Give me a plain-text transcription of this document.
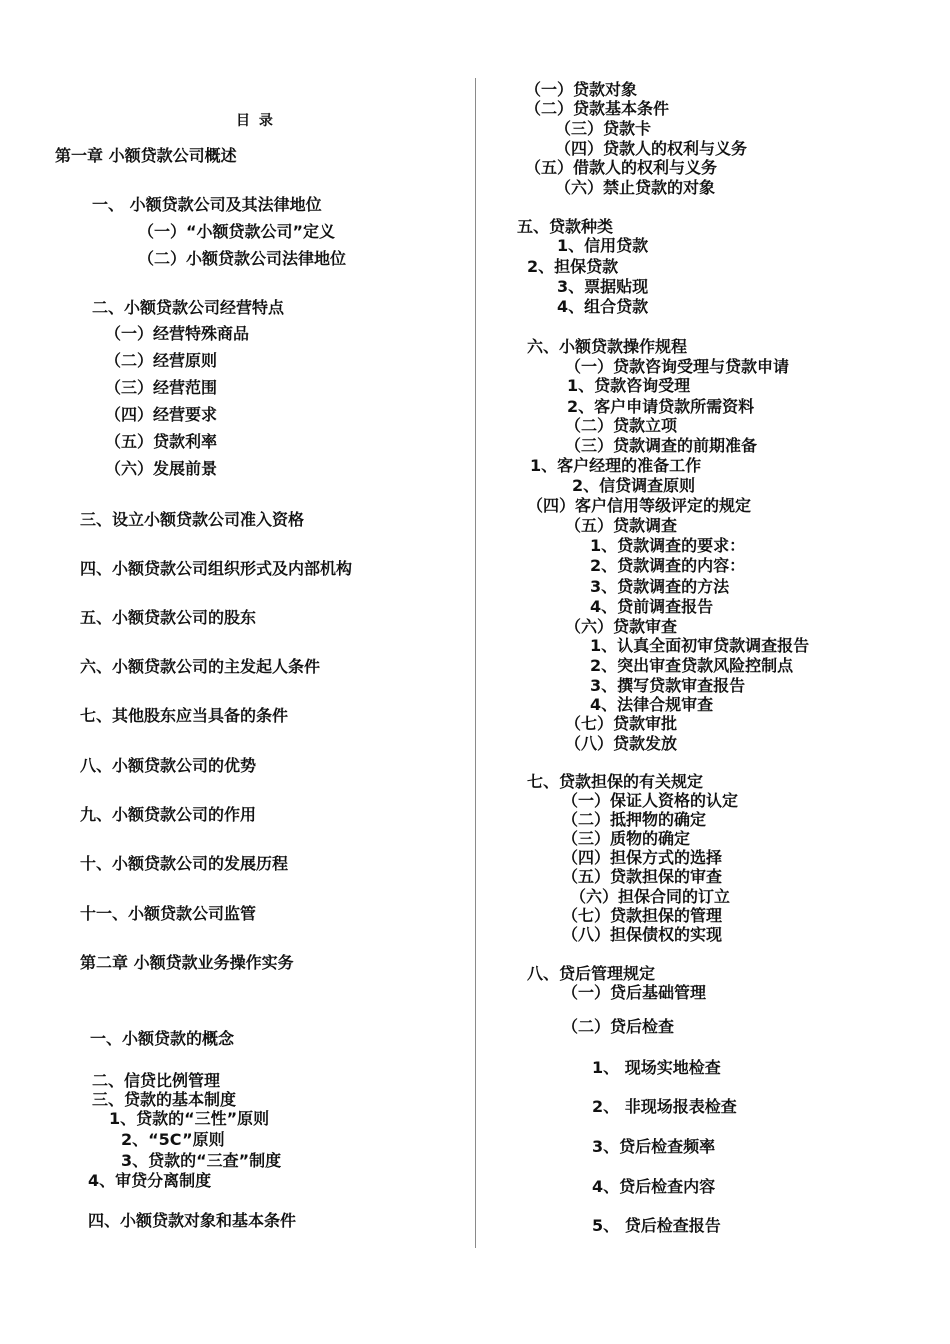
目 录
第一章 小额贷款公司概述
一、 小额贷款公司及其法律地位
（一）“小额贷款公司”定义
（二）小额贷款公司法律地位
二、小额贷款公司经营特点
（一）经营特殊商品
（二）经营原则
（三）经营范围
（四）经营要求
（五）贷款利率
（六）发展前景
三、设立小额贷款公司准入资格
四、小额贷款公司组织形式及内部机构
五、小额贷款公司的股东
六、小额贷款公司的主发起人条件
七、其他股东应当具备的条件
八、小额贷款公司的优势
九、小额贷款公司的作用
十、小额贷款公司的发展历程
十一、小额贷款公司监管
第二章 小额贷款业务操作实务
一、小额贷款的概念
二、信贷比例管理
三、贷款的基本制度
1、贷款的“三性”原则
2、“5C”原则
3、贷款的“三查”制度
4、审贷分离制度
四、小额贷款对象和基本条件
（一）贷款对象
（二）贷款基本条件
（三）贷款卡
（四）贷款人的权利与义务
（五）借款人的权利与义务
（六）禁止贷款的对象
五、贷款种类
1、信用贷款
2、担保贷款
3、票据贴现
4、组合贷款
六、小额贷款操作规程
（一）贷款咨询受理与贷款申请
1、贷款咨询受理
2、客户申请贷款所需资料
（二）贷款立项
（三）贷款调查的前期准备
1、客户经理的准备工作
2、信贷调查原则
（四）客户信用等级评定的规定
（五）贷款调查
1、贷款调查的要求：
2、贷款调查的内容：
3、贷款调查的方法
4、贷前调查报告
（六）贷款审查
1、认真全面初审贷款调查报告
2、突出审查贷款风险控制点
3、撰写贷款审查报告
4、法律合规审查
（七）贷款审批
（八）贷款发放
七、贷款担保的有关规定
（一）保证人资格的认定
（二）抵押物的确定
（三）质物的确定
（四）担保方式的选择
（五）贷款担保的审查
（六）担保合同的订立
（七）贷款担保的管理
（八）担保债权的实现
八、贷后管理规定
（一）贷后基础管理
（二）贷后检查
1、 现场实地检查
2、 非现场报表检查
3、贷后检查频率
4、贷后检查内容
5、 贷后检查报告
